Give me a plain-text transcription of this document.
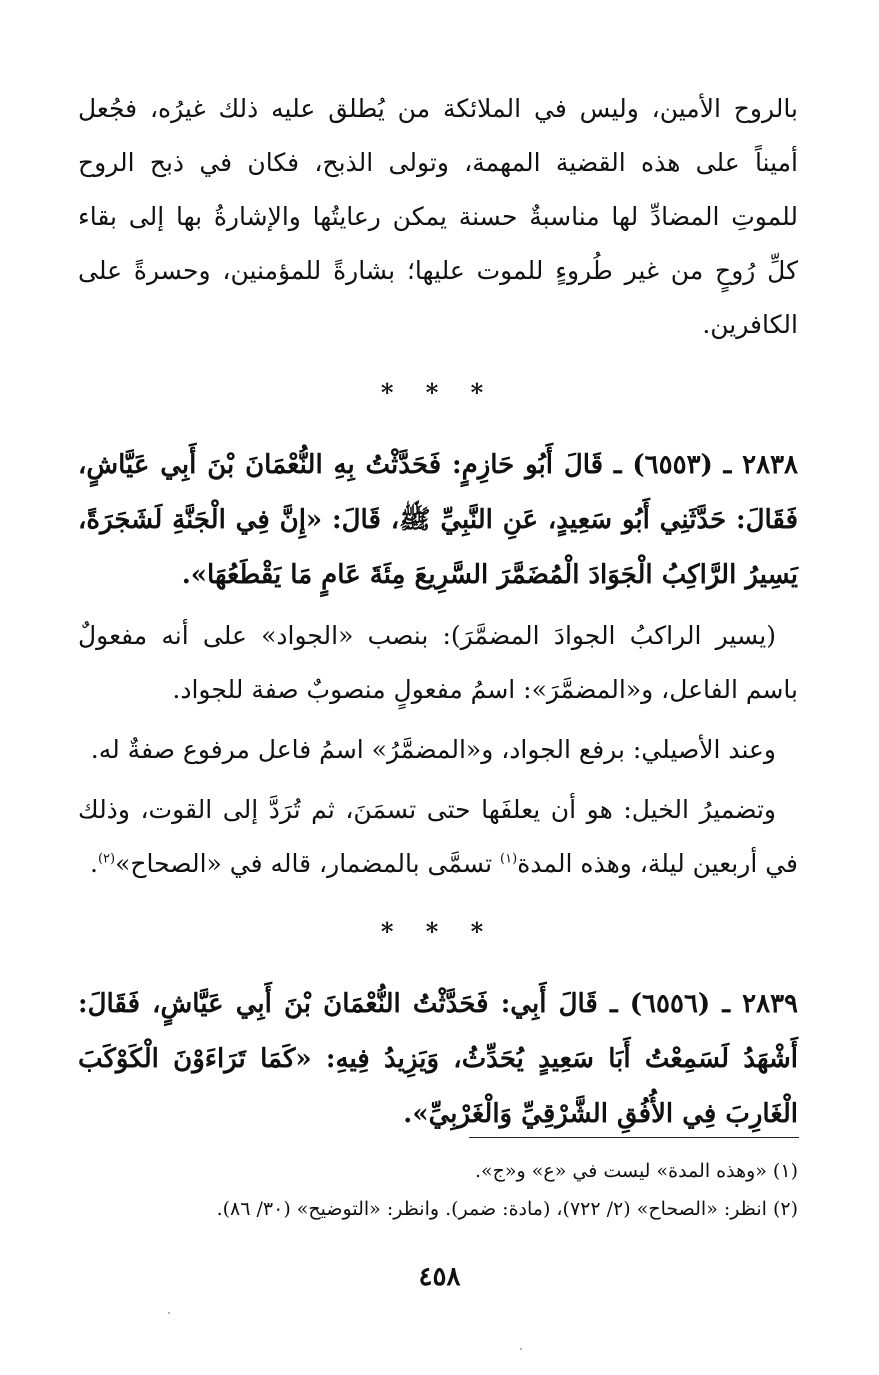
بالروح الأمين، وليس في الملائكة من يُطلق عليه ذلك غيرُه، فجُعل أميناً على هذه القضية المهمة، وتولى الذبح، فكان في ذبح الروح للموتِ المضادِّ لها مناسبةٌ حسنة يمكن رعايتُها والإشارةُ بها إلى بقاء كلِّ رُوحٍ من غير طُروءٍ للموت عليها؛ بشارةً للمؤمنين، وحسرةً على الكافرين.

* * *

٢٨٣٨ ـ (٦٥٥٣) ـ قَالَ أَبُو حَازِمٍ: فَحَدَّثْتُ بِهِ النُّعْمَانَ بْنَ أَبِي عَيَّاشٍ، فَقَالَ: حَدَّثَنِي أَبُو سَعِيدٍ، عَنِ النَّبِيِّ ﷺ، قَالَ: «إِنَّ فِي الْجَنَّةِ لَشَجَرَةً، يَسِيرُ الرَّاكِبُ الْجَوَادَ الْمُضَمَّرَ السَّرِيعَ مِئَةَ عَامٍ مَا يَقْطَعُهَا».

(يسير الراكبُ الجوادَ المضمَّرَ): بنصب «الجواد» على أنه مفعولٌ باسم الفاعل، و«المضمَّرَ»: اسمُ مفعولٍ منصوبٌ صفة للجواد.

وعند الأصيلي: برفع الجواد، و«المضمَّرُ» اسمُ فاعل مرفوع صفةٌ له.

وتضميرُ الخيل: هو أن يعلفَها حتى تسمَنَ، ثم تُرَدَّ إلى القوت، وذلك في أربعين ليلة، وهذه المدة$^{(١)}$ تسمَّى بالمضمار، قاله في «الصحاح»$^{(٢)}$.

* * *

٢٨٣٩ ـ (٦٥٥٦) ـ قَالَ أَبِي: فَحَدَّثْتُ النُّعْمَانَ بْنَ أَبِي عَيَّاشٍ، فَقَالَ: أَشْهَدُ لَسَمِعْتُ أَبَا سَعِيدٍ يُحَدِّثُ، وَيَزِيدُ فِيهِ: «كَمَا تَرَاءَوْنَ الْكَوْكَبَ الْغَارِبَ فِي الأُفُقِ الشَّرْقِيِّ وَالْغَرْبِيِّ».

(١) «وهذه المدة» ليست في «ع» و«ج».

(٢) انظر: «الصحاح» (٢/ ٧٢٢)، (مادة: ضمر). وانظر: «التوضيح» (٣٠/ ٨٦).

٤٥٨
